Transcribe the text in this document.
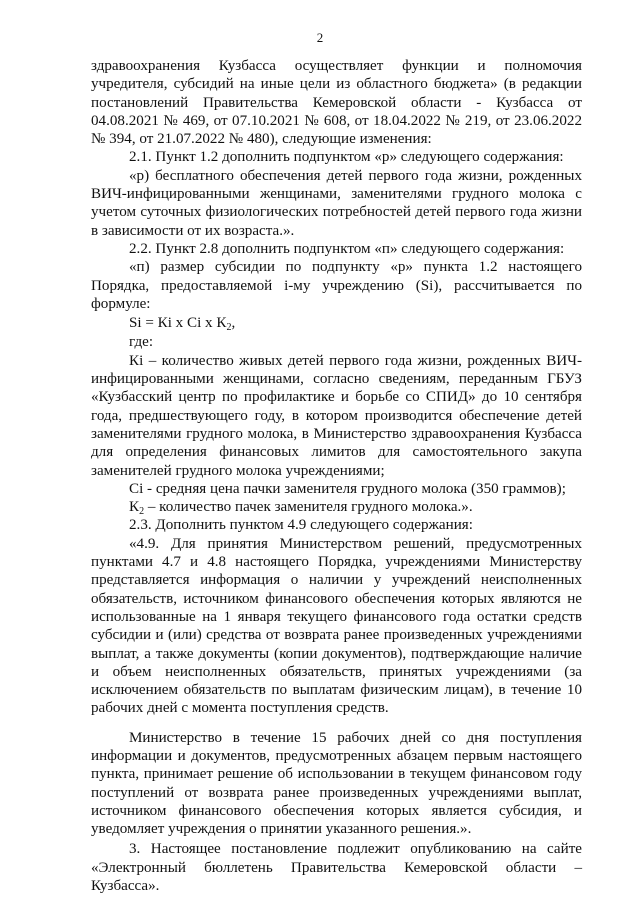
2

здравоохранения Кузбасса осуществляет функции и полномочия учредителя, субсидий на иные цели из областного бюджета» (в редакции постановлений Правительства Кемеровской области - Кузбасса от 04.08.2021 № 469, от 07.10.2021 № 608, от 18.04.2022 № 219, от 23.06.2022 № 394, от 21.07.2022 № 480), следующие изменения:

2.1. Пункт 1.2 дополнить подпунктом «р» следующего содержания:

«р) бесплатного обеспечения детей первого года жизни, рожденных ВИЧ-инфицированными женщинами, заменителями грудного молока с учетом суточных физиологических потребностей детей первого года жизни в зависимости от их возраста.».

2.2. Пункт 2.8 дополнить подпунктом «п» следующего содержания:

«п) размер субсидии по подпункту «р» пункта 1.2 настоящего Порядка, предоставляемой i-му учреждению (Si), рассчитывается по формуле:

Si = Кi х Ci х $К_2$,

где:

Кi – количество живых детей первого года жизни, рожденных ВИЧ-инфицированными женщинами, согласно сведениям, переданным ГБУЗ «Кузбасский центр по профилактике и борьбе со СПИД» до 10 сентября года, предшествующего году, в котором производится обеспечение детей заменителями грудного молока, в Министерство здравоохранения Кузбасса для определения финансовых лимитов для самостоятельного закупа заменителей грудного молока учреждениями;

Ci - средняя цена пачки заменителя грудного молока (350 граммов);

$К_2$ – количество пачек заменителя грудного молока.».

2.3. Дополнить пунктом 4.9 следующего содержания:

«4.9. Для принятия Министерством решений, предусмотренных пунктами 4.7 и 4.8 настоящего Порядка, учреждениями Министерству представляется информация о наличии у учреждений неисполненных обязательств, источником финансового обеспечения которых являются не использованные на 1 января текущего финансового года остатки средств субсидии и (или) средства от возврата ранее произведенных учреждениями выплат, а также документы (копии документов), подтверждающие наличие и объем неисполненных обязательств, принятых учреждениями (за исключением обязательств по выплатам физическим лицам), в течение 10 рабочих дней с момента поступления средств.

Министерство в течение 15 рабочих дней со дня поступления информации и документов, предусмотренных абзацем первым настоящего пункта, принимает решение об использовании в текущем финансовом году поступлений от возврата ранее произведенных учреждениями выплат, источником финансового обеспечения которых является субсидия, и уведомляет учреждения о принятии указанного решения.».

3. Настоящее постановление подлежит опубликованию на сайте «Электронный бюллетень Правительства Кемеровской области – Кузбасса».
